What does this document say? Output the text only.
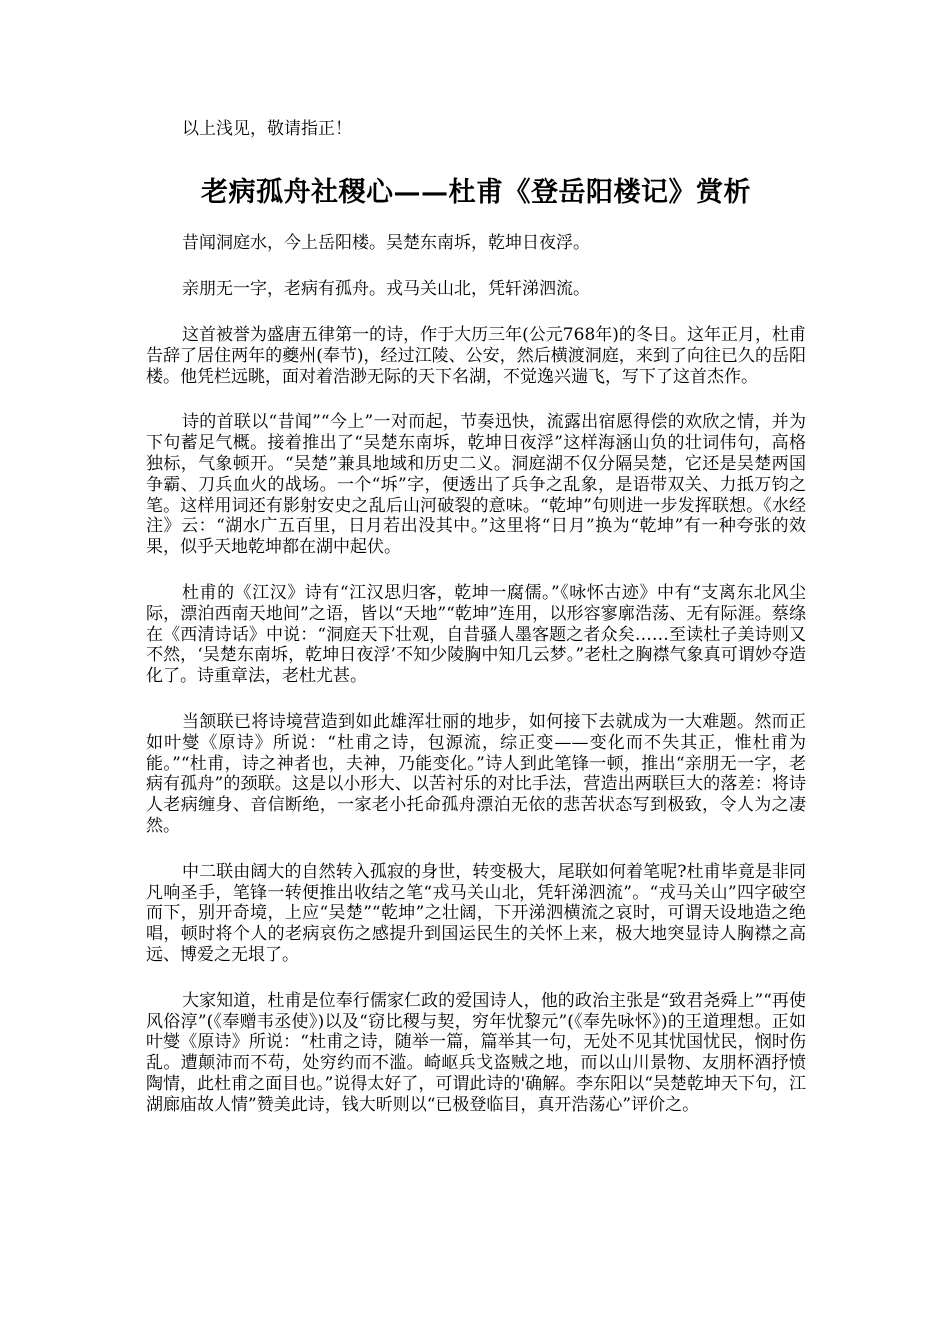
以上浅见，敬请指正！
老病孤舟社稷心——杜甫《登岳阳楼记》赏析
昔闻洞庭水，今上岳阳楼。吴楚东南坼，乾坤日夜浮。
亲朋无一字，老病有孤舟。戎马关山北，凭轩涕泗流。
这首被誉为盛唐五律第一的诗，作于大历三年(公元768年)的冬日。这年正月，杜甫告辞了居住两年的夔州(奉节)，经过江陵、公安，然后横渡洞庭，来到了向往已久的岳阳楼。他凭栏远眺，面对着浩渺无际的天下名湖，不觉逸兴遄飞，写下了这首杰作。
诗的首联以“昔闻”“今上”一对而起，节奏迅快，流露出宿愿得偿的欢欣之情，并为下句蓄足气概。接着推出了“吴楚东南坼，乾坤日夜浮”这样海涵山负的壮词伟句，高格独标，气象顿开。“吴楚”兼具地域和历史二义。洞庭湖不仅分隔吴楚，它还是吴楚两国争霸、刀兵血火的战场。一个“坼”字，便透出了兵争之乱象，是语带双关、力抵万钧之笔。这样用词还有影射安史之乱后山河破裂的意味。“乾坤”句则进一步发挥联想。《水经注》云：“湖水广五百里，日月若出没其中。”这里将“日月”换为“乾坤”有一种夸张的效果，似乎天地乾坤都在湖中起伏。
杜甫的《江汉》诗有“江汉思归客，乾坤一腐儒。”《咏怀古迹》中有“支离东北风尘际，漂泊西南天地间”之语，皆以“天地”“乾坤”连用，以形容寥廓浩荡、无有际涯。蔡绦在《西清诗话》中说：“洞庭天下壮观，自昔骚人墨客题之者众矣……至读杜子美诗则又不然，‘吴楚东南坼，乾坤日夜浮’不知少陵胸中知几云梦。”老杜之胸襟气象真可谓妙夺造化了。诗重章法，老杜尤甚。
当颔联已将诗境营造到如此雄浑壮丽的地步，如何接下去就成为一大难题。然而正如叶燮《原诗》所说：“杜甫之诗，包源流，综正变——变化而不失其正，惟杜甫为能。”“杜甫，诗之神者也，夫神，乃能变化。”诗人到此笔锋一顿，推出“亲朋无一字，老病有孤舟”的颈联。这是以小形大、以苦衬乐的对比手法，营造出两联巨大的落差：将诗人老病缠身、音信断绝，一家老小托命孤舟漂泊无依的悲苦状态写到极致，令人为之凄然。
中二联由阔大的自然转入孤寂的身世，转变极大，尾联如何着笔呢?杜甫毕竟是非同凡响圣手，笔锋一转便推出收结之笔“戎马关山北，凭轩涕泗流”。“戎马关山”四字破空而下，别开奇境，上应“吴楚”“乾坤”之壮阔，下开涕泗横流之哀时，可谓天设地造之绝唱，顿时将个人的老病哀伤之感提升到国运民生的关怀上来，极大地突显诗人胸襟之高远、博爱之无垠了。
大家知道，杜甫是位奉行儒家仁政的爱国诗人，他的政治主张是“致君尧舜上”“再使风俗淳”(《奉赠韦丞使》)以及“窃比稷与契，穷年忧黎元”(《奉先咏怀》)的王道理想。正如叶燮《原诗》所说：“杜甫之诗，随举一篇，篇举其一句，无处不见其忧国忧民，悯时伤乱。遭颠沛而不苟，处穷约而不滥。崎岖兵戈盗贼之地，而以山川景物、友朋杯酒抒愤陶情，此杜甫之面目也。”说得太好了，可谓此诗的'确解。李东阳以“吴楚乾坤天下句，江湖廊庙故人情”赞美此诗，钱大昕则以“已极登临目，真开浩荡心”评价之。
